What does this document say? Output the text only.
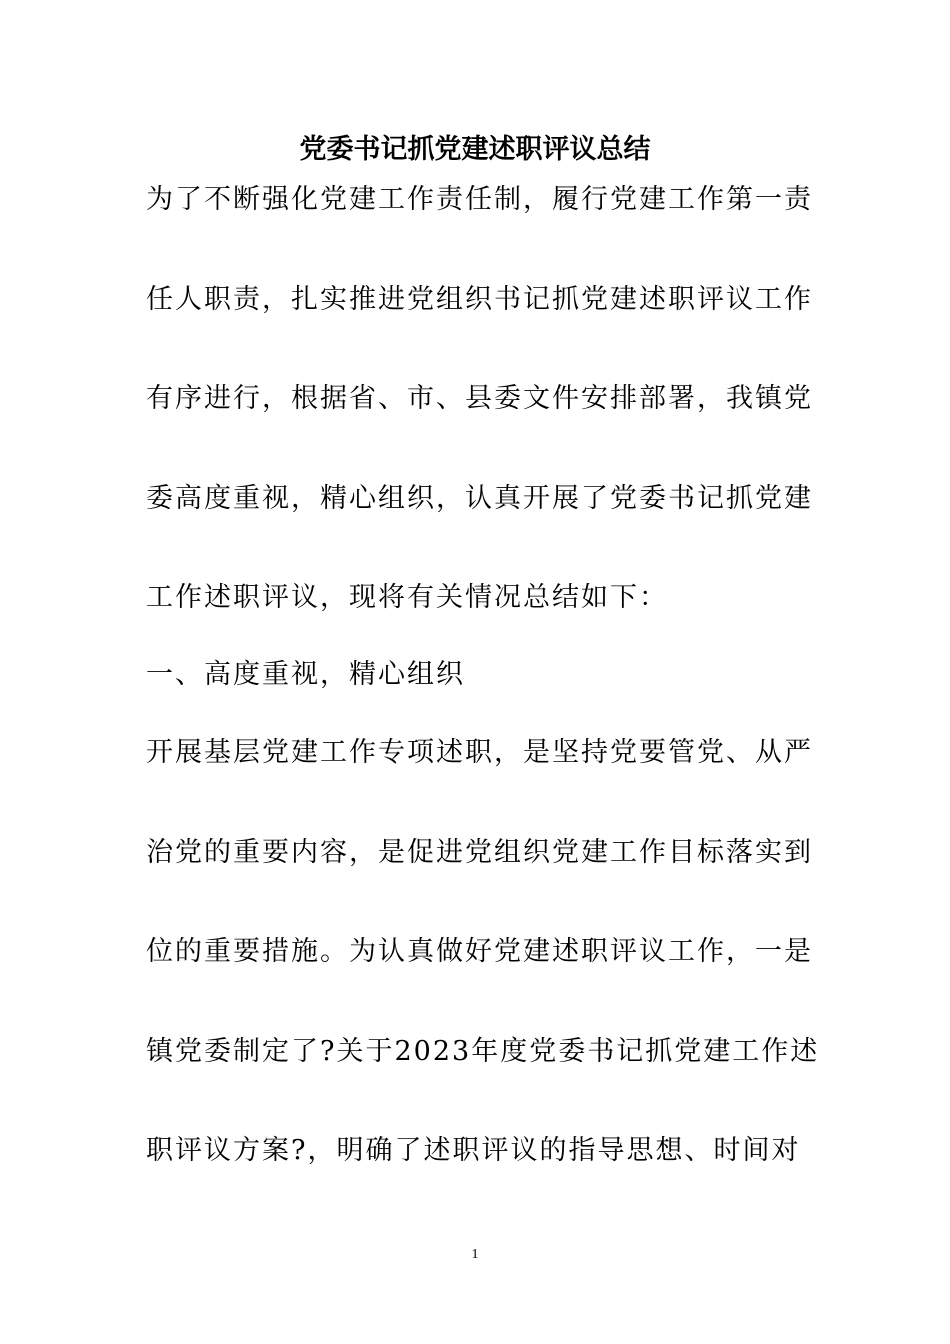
党委书记抓党建述职评议总结
为了不断强化党建工作责任制，履行党建工作第一责
任人职责，扎实推进党组织书记抓党建述职评议工作
有序进行，根据省、市、县委文件安排部署，我镇党
委高度重视，精心组织，认真开展了党委书记抓党建
工作述职评议，现将有关情况总结如下：
一、高度重视，精心组织
开展基层党建工作专项述职，是坚持党要管党、从严
治党的重要内容，是促进党组织党建工作目标落实到
位的重要措施。为认真做好党建述职评议工作，一是
镇党委制定了?关于2023年度党委书记抓党建工作述
职评议方案?，明确了述职评议的指导思想、时间对
1
